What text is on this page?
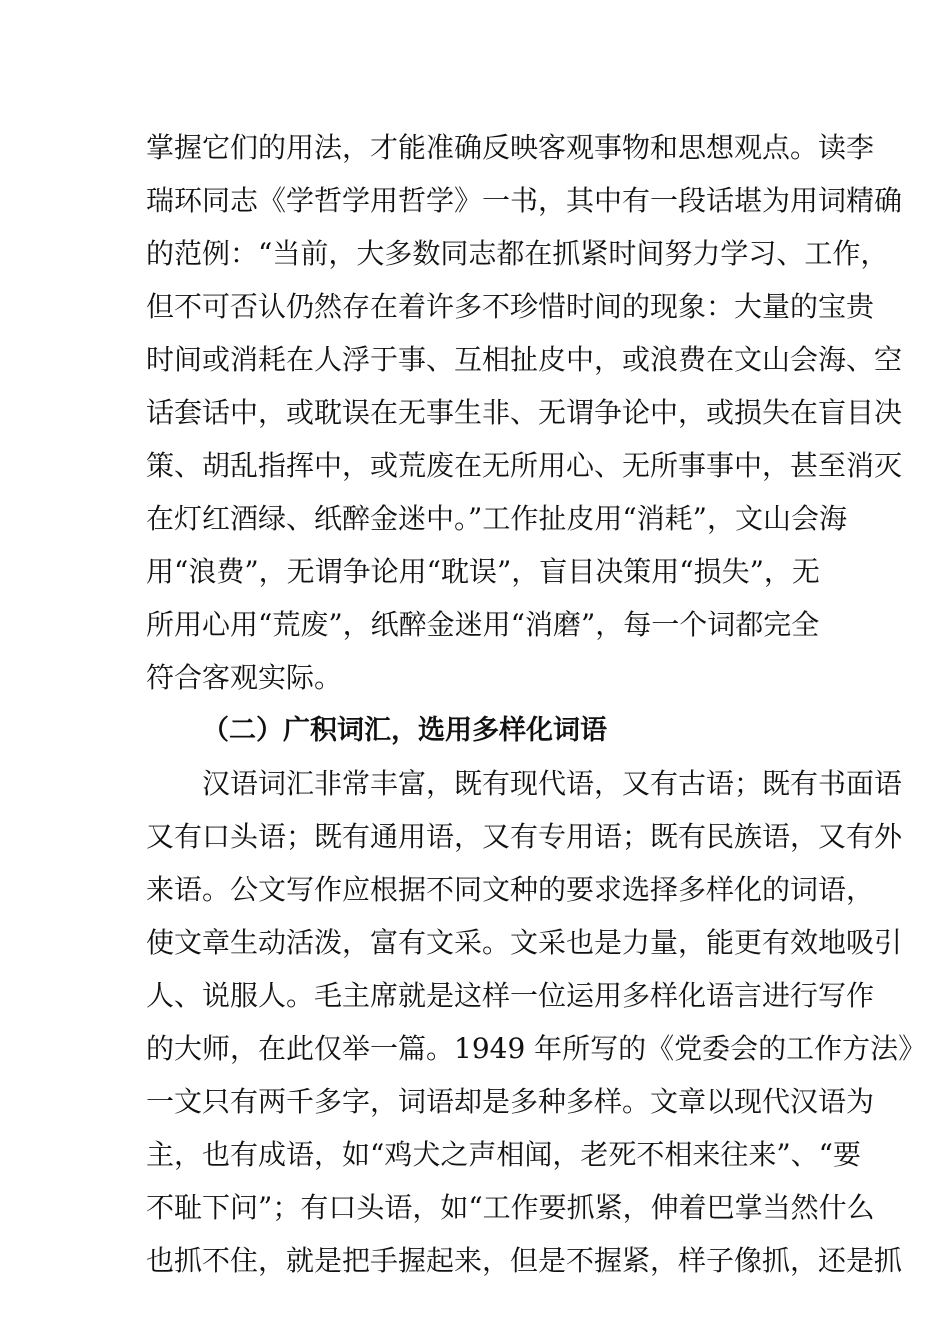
掌握它们的用法，才能准确反映客观事物和思想观点。读李
瑞环同志《学哲学用哲学》一书，其中有一段话堪为用词精确
的范例：“当前，大多数同志都在抓紧时间努力学习、工作，
但不可否认仍然存在着许多不珍惜时间的现象：大量的宝贵
时间或消耗在人浮于事、互相扯皮中，或浪费在文山会海、空
话套话中，或耽误在无事生非、无谓争论中，或损失在盲目决
策、胡乱指挥中，或荒废在无所用心、无所事事中，甚至消灭
在灯红酒绿、纸醉金迷中。”工作扯皮用“消耗”，文山会海
用“浪费”，无谓争论用“耽误”，盲目决策用“损失”，无
所用心用“荒废”，纸醉金迷用“消磨”，每一个词都完全
符合客观实际。
（二）广积词汇，选用多样化词语
汉语词汇非常丰富，既有现代语，又有古语；既有书面语
又有口头语；既有通用语，又有专用语；既有民族语，又有外
来语。公文写作应根据不同文种的要求选择多样化的词语，
使文章生动活泼，富有文采。文采也是力量，能更有效地吸引
人、说服人。毛主席就是这样一位运用多样化语言进行写作
的大师，在此仅举一篇。1949 年所写的《党委会的工作方法》
一文只有两千多字，词语却是多种多样。文章以现代汉语为
主，也有成语，如“鸡犬之声相闻，老死不相来往来”、“要
不耻下问”；有口头语，如“工作要抓紧，伸着巴掌当然什么
也抓不住，就是把手握起来，但是不握紧，样子像抓，还是抓
